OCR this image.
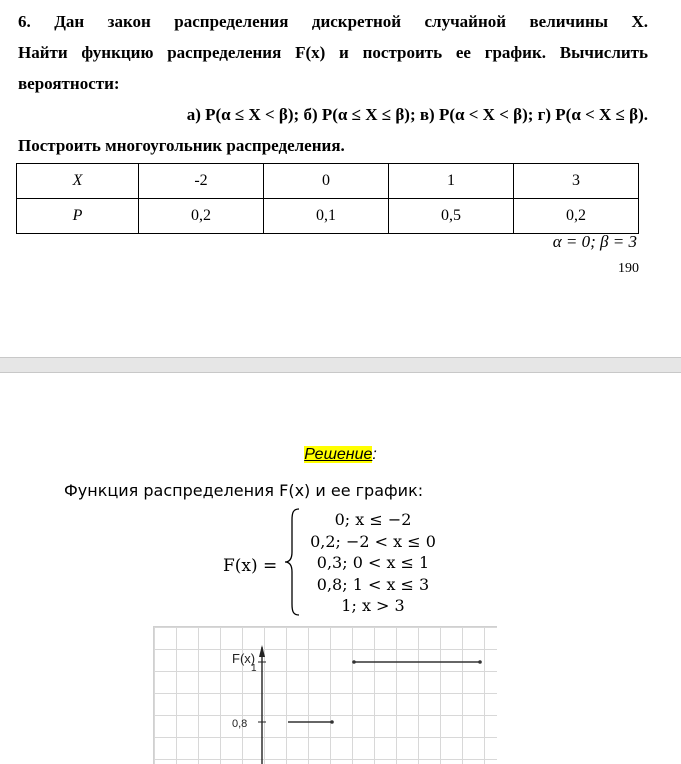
6. Дан закон распределения дискретной случайной величины X.

Найти функцию распределения F(x) и построить ее график. Вычислить

вероятности:

а) P(α ≤ X < β); б) P(α ≤ X ≤ β); в) P(α < X < β); г) P(α < X ≤ β).

Построить многоугольник распределения.

X	-2	0	1	3
P	0,2	0,1	0,5	0,2
α = 0; β = 3
190
Решение:
Функция распределения F(x) и ее график:
F(x) =
0; x ≤ −2
0,2; −2 < x ≤ 0
0,3; 0 < x ≤ 1
0,8; 1 < x ≤ 3
1; x > 3
F(x)
1
0,8
